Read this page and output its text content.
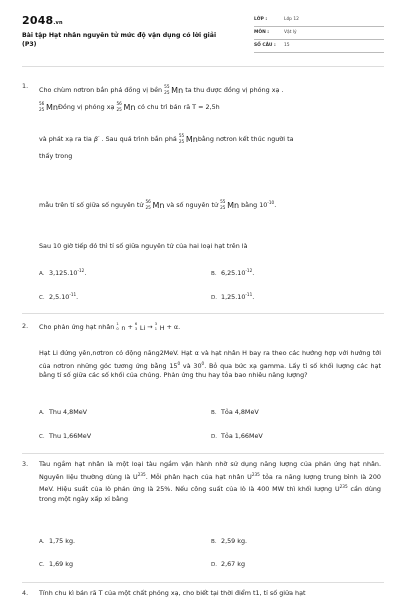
2048.vn
Bài tập Hạt nhân nguyên tử mức độ vận dụng có lời giải (P3)
LỚP :	Lớp 12
MÔN :	Vật lý
SỐ CÂU : 15
1. Cho chùm nơtron bắn phá đồng vị bền 55
25 Mn ta thu được đồng vị phóng xạ .
56
25 MnĐồng vị phóng xạ 56
25 Mn có chu trì bán rã T = 2,5h
và phát xạ ra tia β- . Sau quá trình bắn phá 55
25 Mnbằng nơtron kết thúc người ta
thấy trong
mẫu trên tỉ số giữa số nguyên tử 56
25 Mn và số nguyên tử 55
25 Mn bằng $10^{-10}$.
Sau 10 giờ tiếp đó thì tỉ số giữa nguyên tử của hai loại hạt trên là
A. $3,125.10^{-12}$.	B. $6,25.10^{-12}$.
C. $2,5.10^{-11}$.	D. $1,25.10^{-11}$.
2. Cho phản ứng hạt nhân 1
0 n + 6
3 Li → 3
1 H + α.
Hạt Li đứng yên,nơtron có động năng2MeV. Hạt α và hạt nhân H bay ra theo các hướng hợp với hướng tới của nơtron những góc tương ứng bằng $15^0$ và $30^0$. Bỏ qua bức xạ gamma. Lấy tỉ số khối lượng các hạt bằng tỉ số giữa các số khối của chúng. Phản ứng thu hay tỏa bao nhiêu năng lượng?
A. Thu 4,8MeV	B. Tỏa 4,8MeV
C. Thu 1,66MeV	D. Tỏa 1,66MeV
3. Tàu ngầm hạt nhân là một loại tàu ngầm vận hành nhờ sử dụng năng lượng của phản ứng hạt nhân. Nguyên liệu thường dùng là $U^{235}$. Mỗi phân hạch của hạt nhân $U^{235}$ tỏa ra năng lượng trung bình là 200 MeV. Hiệu suất của lò phản ứng là 25%. Nếu công suất của lò là 400 MW thì khối lượng $U^{235}$ cần dùng trong một ngày xấp xỉ bằng
A. 1,75 kg.	B. 2,59 kg.
C. 1,69 kg	D. 2,67 kg
4. Tính chu kì bán rã T của một chất phóng xạ, cho biết tại thời điểm t1, tỉ số giữa hạt
